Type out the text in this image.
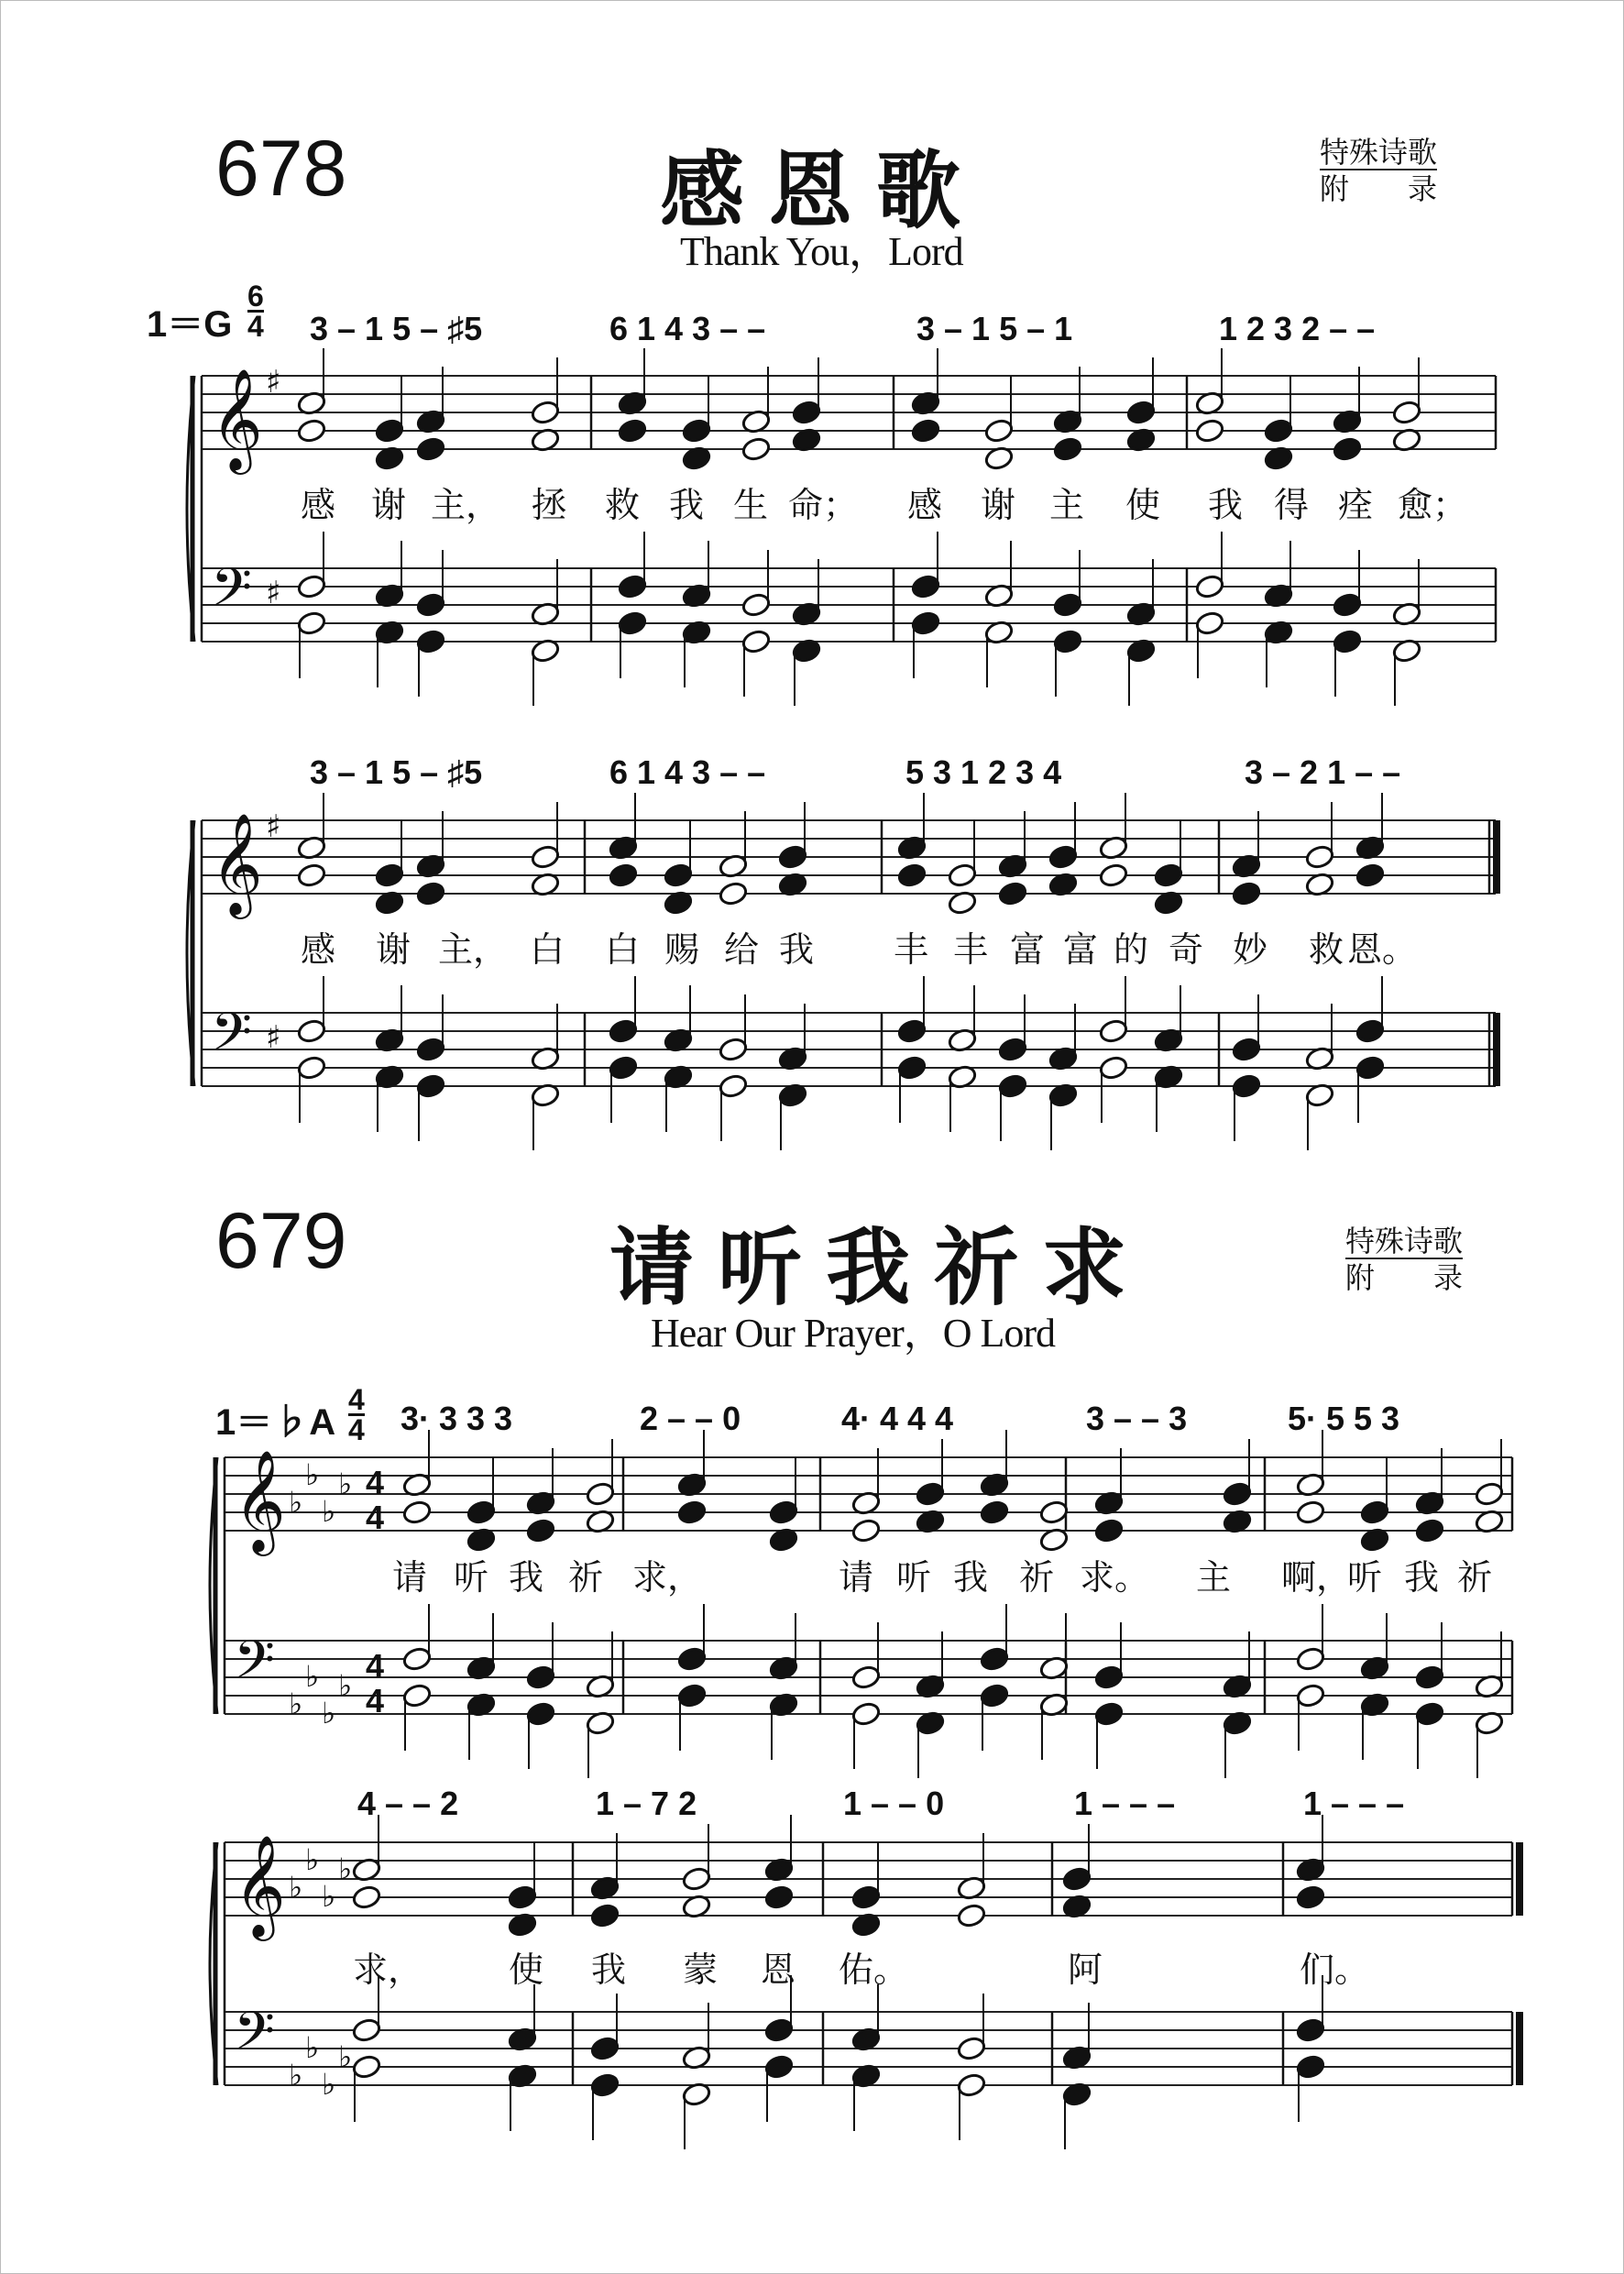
678	感恩歌
Thank You，Lord
特殊诗歌
附　　录
1＝G
6
4 3 – 1 5 – ♯5	6 1 4 3 – –	3 – 1 5 – 1	1 2 3 2 – –
感 谢 主， 拯 救 我 生 命； 感 谢 主 使 我 得 痊 愈；
3 – 1 5 – ♯5	6 1 4 3 – –	5 3 1 2 3 4	3 – 2 1 – –
感 谢 主， 白 白 赐 给 我 丰 丰 富 富 的 奇 妙 救 恩。
679	请听我祈求
Hear Our Prayer，O Lord
特殊诗歌
附　　录
1＝♭A
4
4 3· 3 3 3	2 – – 0	4· 4 4 4	3 – – 3	5· 5 5 3
请 听 我 祈 求，	请 听 我 祈 求。 主 啊，
听 我 祈
4 – – 2	1 – 7 2	1 – – 0	1 – – –	1 – – –
求， 使 我 蒙 恩 佑。	阿	们。
𝄞
𝄢
♯
♯
𝄞
𝄢
♯
♯
𝄞
𝄢
♭
♭
♭
♭
♭
♭
♭
♭
4
4
4
4
𝄞
𝄢
♭
♭
♭
♭
♭
♭
♭
♭
